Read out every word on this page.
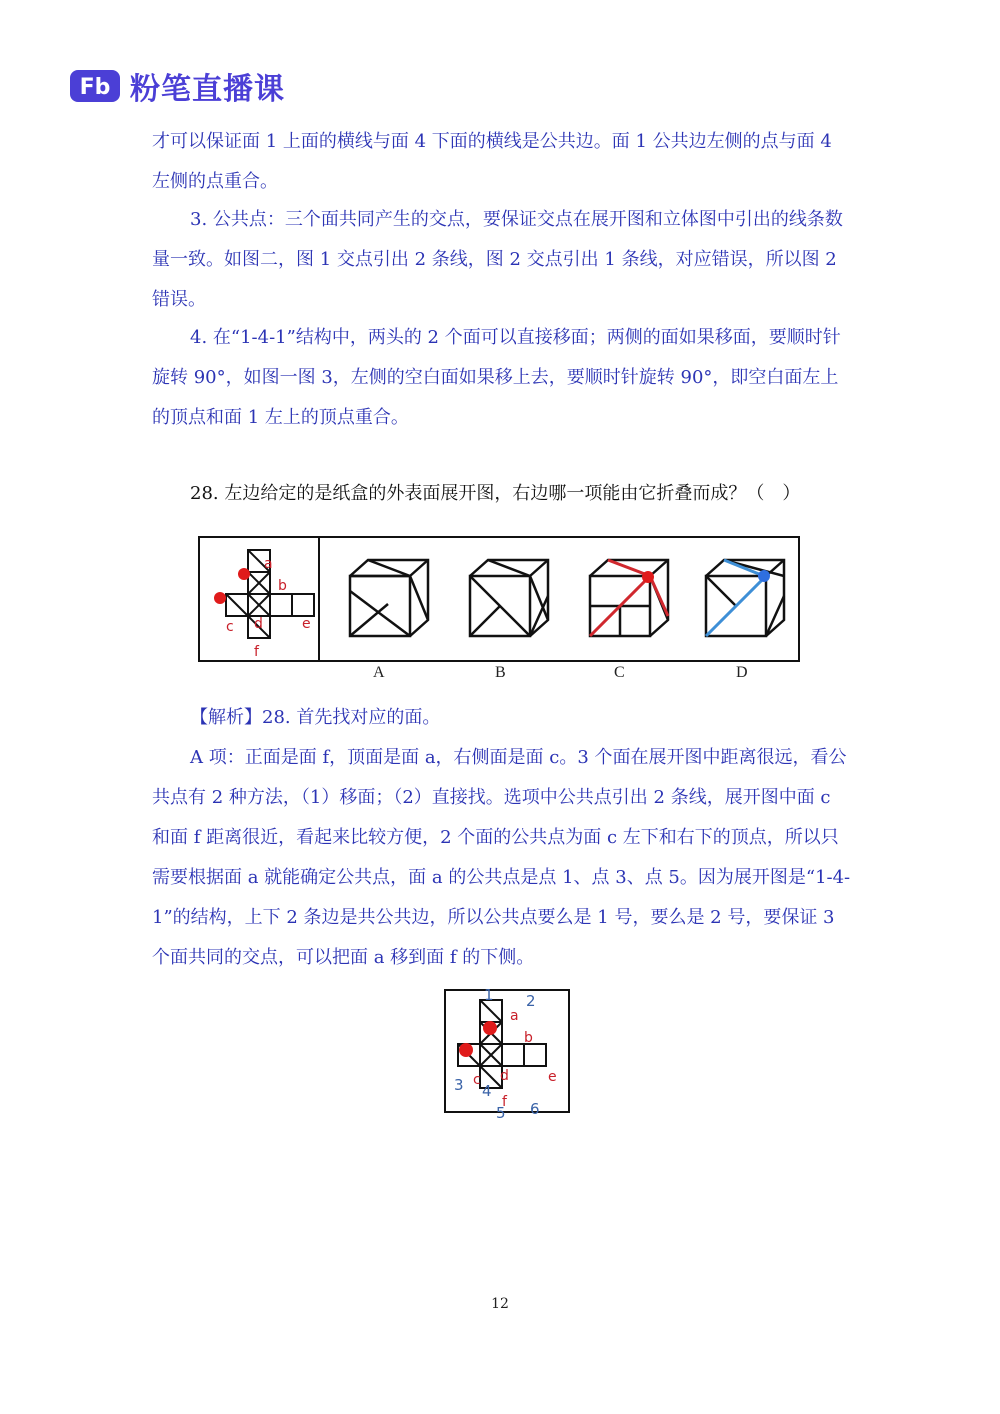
Fb 粉笔直播课

才可以保证面 1 上面的横线与面 4 下面的横线是公共边。面 1 公共边左侧的点与面 4 左侧的点重合。

3. 公共点：三个面共同产生的交点，要保证交点在展开图和立体图中引出的线条数量一致。如图二，图 1 交点引出 2 条线，图 2 交点引出 1 条线，对应错误，所以图 2 错误。

4. 在“1-4-1”结构中，两头的 2 个面可以直接移面；两侧的面如果移面，要顺时针旋转 90°，如图一图 3，左侧的空白面如果移上去，要顺时针旋转 90°，即空白面左上的顶点和面 1 左上的顶点重合。

28. 左边给定的是纸盒的外表面展开图，右边哪一项能由它折叠而成？（　）

a
b
c d	e
f
A	B	C	D

【解析】28. 首先找对应的面。

A 项：正面是面 f，顶面是面 a，右侧面是面 c。3 个面在展开图中距离很远，看公共点有 2 种方法，（1）移面；（2）直接找。选项中公共点引出 2 条线，展开图中面 c 和面 f 距离很近，看起来比较方便，2 个面的公共点为面 c 左下和右下的顶点，所以只需要根据面 a 就能确定公共点，面 a 的公共点是点 1、点 3、点 5。因为展开图是“1-4-1”的结构，上下 2 条边是共公共边，所以公共点要么是 1 号，要么是 2 号，要保证 3 个面共同的交点，可以把面 a 移到面 f 的下侧。

a
b
c d	e
f
1 2
3 4
5 6
12
